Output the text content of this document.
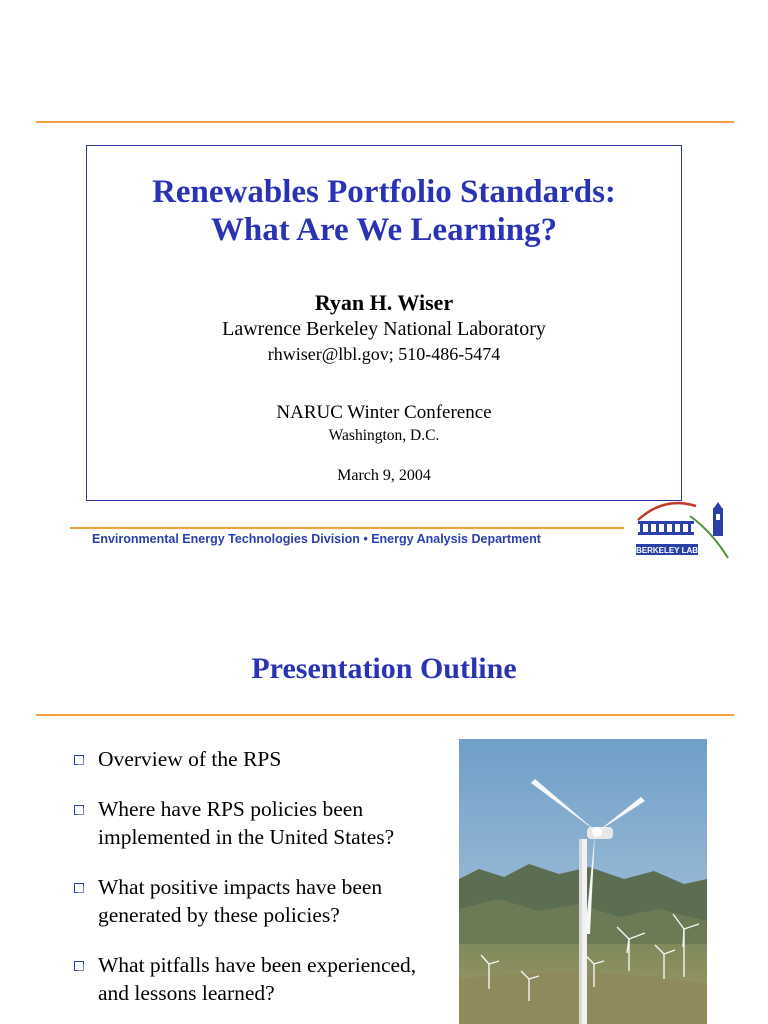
Renewables Portfolio Standards:
What Are We Learning?
Ryan H. Wiser
Lawrence Berkeley National Laboratory
rhwiser@lbl.gov; 510-486-5474
NARUC Winter Conference
Washington, D.C.
March 9, 2004
Environmental Energy Technologies Division • Energy Analysis Department
BERKELEY LAB
Presentation Outline
Overview of the RPS
Where have RPS policies been implemented in the United States?
What positive impacts have been generated by these policies?
What pitfalls have been experienced, and lessons learned?
